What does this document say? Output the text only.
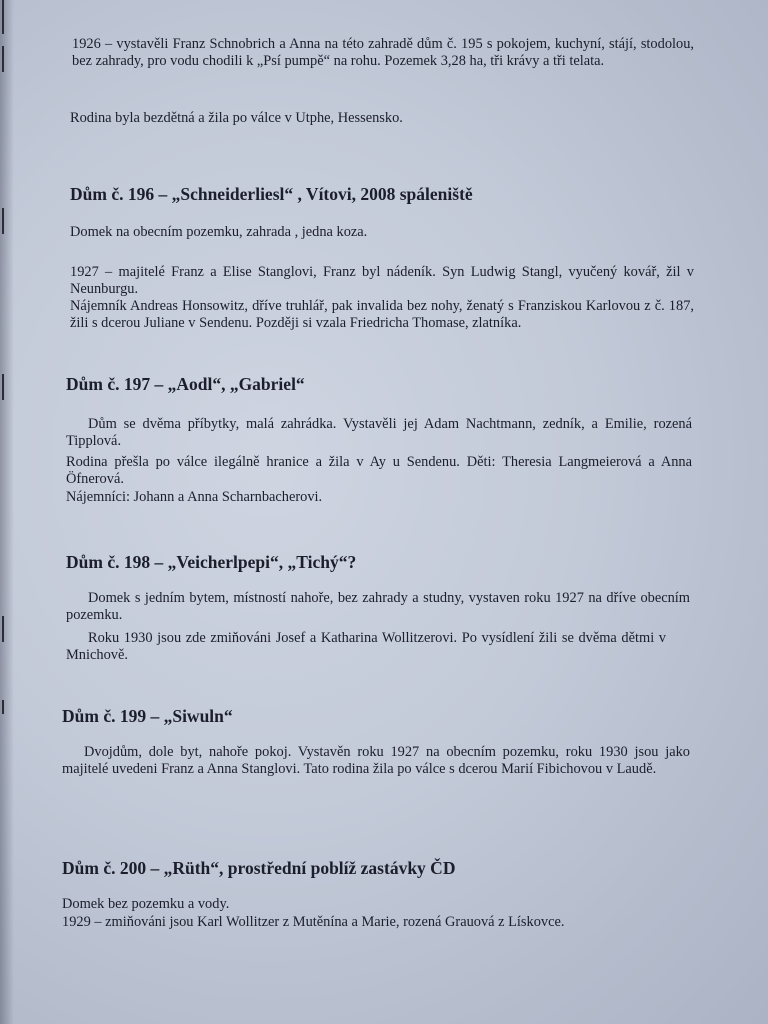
1926 – vystavěli Franz Schnobrich a Anna na této zahradě dům č. 195 s pokojem, kuchyní, stájí, stodolou, bez zahrady, pro vodu chodili k „Psí pumpě“ na rohu. Pozemek 3,28 ha, tři krávy a tři telata.

Rodina byla bezdětná a žila po válce v Utphe, Hessensko.

Dům č. 196 – „Schneiderliesl“ , Vítovi, 2008 spáleniště

Domek na obecním pozemku, zahrada , jedna koza.

1927 – majitelé Franz a Elise Stanglovi, Franz byl nádeník. Syn Ludwig Stangl, vyučený kovář, žil v Neunburgu.

Nájemník Andreas Honsowitz, dříve truhlář, pak invalida bez nohy, ženatý s Franziskou Karlovou z č. 187, žili s dcerou Juliane v Sendenu. Později si vzala Friedricha Thomase, zlatníka.

Dům č. 197 – „Aodl“, „Gabriel“

Dům se dvěma příbytky, malá zahrádka. Vystavěli jej Adam Nachtmann, zedník, a Emilie, rozená Tipplová.

Rodina přešla po válce ilegálně hranice a žila v Ay u Sendenu. Děti: Theresia Langmeierová a Anna Öfnerová.

Nájemníci: Johann a Anna Scharnbacherovi.

Dům č. 198 – „Veicherlpepi“, „Tichý“?

Domek s jedním bytem, místností nahoře, bez zahrady a studny, vystaven roku 1927 na dříve obecním pozemku.

Roku 1930 jsou zde zmiňováni Josef a Katharina Wollitzerovi. Po vysídlení žili se dvěma dětmi v Mnichově.

Dům č. 199 – „Siwuln“

Dvojdům, dole byt, nahoře pokoj. Vystavěn roku 1927 na obecním pozemku, roku 1930 jsou jako majitelé uvedeni Franz a Anna Stanglovi. Tato rodina žila po válce s dcerou Marií Fibichovou v Laudě.

Dům č. 200 – „Rüth“, prostřední poblíž zastávky ČD

Domek bez pozemku a vody.

1929 – zmiňováni jsou Karl Wollitzer z Mutěnína a Marie, rozená Grauová z Lískovce.
